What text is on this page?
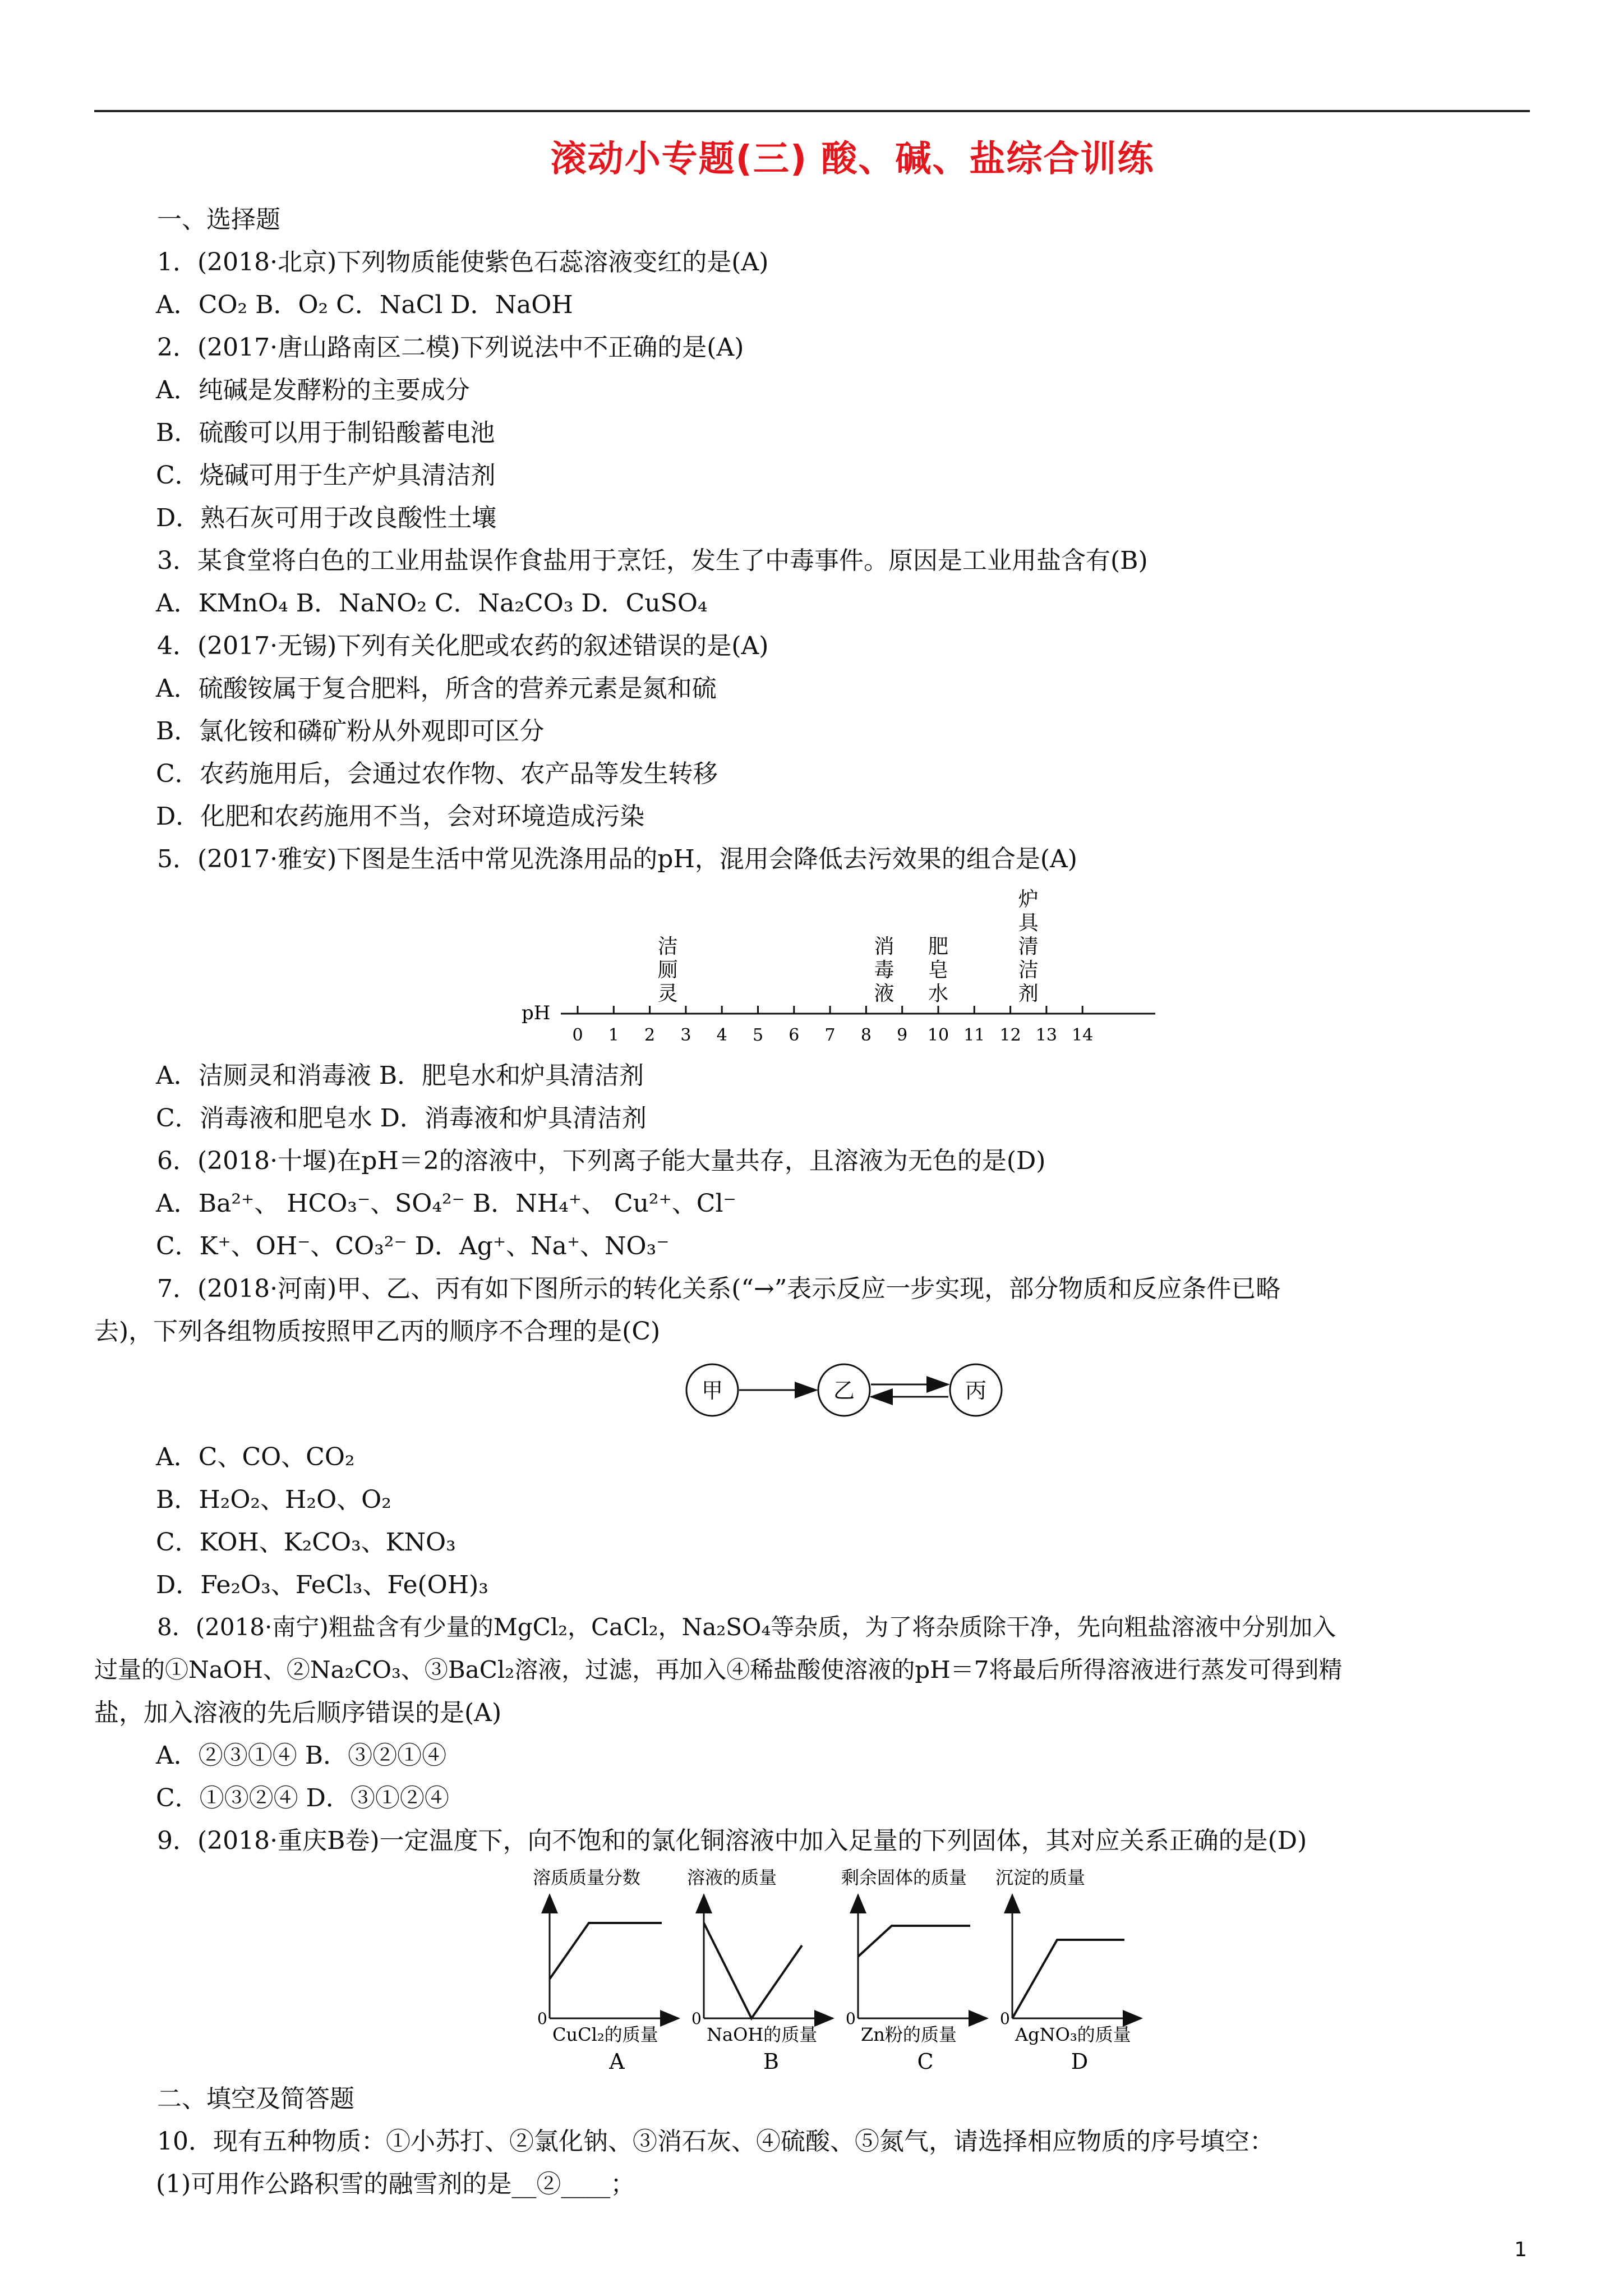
滚动小专题(三) 酸、碱、盐综合训练
一、选择题
1．(2018·北京)下列物质能使紫色石蕊溶液变红的是(A)
A．CO₂ B．O₂ C．NaCl D．NaOH
2．(2017·唐山路南区二模)下列说法中不正确的是(A)
A．纯碱是发酵粉的主要成分
B．硫酸可以用于制铅酸蓄电池
C．烧碱可用于生产炉具清洁剂
D．熟石灰可用于改良酸性土壤
3．某食堂将白色的工业用盐误作食盐用于烹饪，发生了中毒事件。原因是工业用盐含有(B)
A．KMnO₄ B．NaNO₂ C．Na₂CO₃ D．CuSO₄
4．(2017·无锡)下列有关化肥或农药的叙述错误的是(A)
A．硫酸铵属于复合肥料，所含的营养元素是氮和硫
B．氯化铵和磷矿粉从外观即可区分
C．农药施用后，会通过农作物、农产品等发生转移
D．化肥和农药施用不当，会对环境造成污染
5．(2017·雅安)下图是生活中常见洗涤用品的pH，混用会降低去污效果的组合是(A)
pH
0 1 2 3 4 5 6 7 8 9 10 11 12 13 14
洁
厕
灵
消
毒
液
肥
皂
水
炉
具
清
洁
剂
A．洁厕灵和消毒液 B．肥皂水和炉具清洁剂
C．消毒液和肥皂水 D．消毒液和炉具清洁剂
6．(2018·十堰)在pH＝2的溶液中，下列离子能大量共存，且溶液为无色的是(D)
A．Ba²⁺、 HCO₃⁻、SO₄²⁻ B．NH₄⁺、 Cu²⁺、Cl⁻
C．K⁺、OH⁻、CO₃²⁻ D．Ag⁺、Na⁺、NO₃⁻
7．(2018·河南)甲、乙、丙有如下图所示的转化关系(“→”表示反应一步实现，部分物质和反应条件已略
去)，下列各组物质按照甲乙丙的顺序不合理的是(C)
甲	乙	丙
A．C、CO、CO₂
B．H₂O₂、H₂O、O₂
C．KOH、K₂CO₃、KNO₃
D．Fe₂O₃、FeCl₃、Fe(OH)₃
8．(2018·南宁)粗盐含有少量的MgCl₂，CaCl₂，Na₂SO₄等杂质，为了将杂质除干净，先向粗盐溶液中分别加入
过量的①NaOH、②Na₂CO₃、③BaCl₂溶液，过滤，再加入④稀盐酸使溶液的pH＝7将最后所得溶液进行蒸发可得到精
盐，加入溶液的先后顺序错误的是(A)
A．②③①④ B．③②①④
C．①③②④ D．③①②④
9．(2018·重庆B卷)一定温度下，向不饱和的氯化铜溶液中加入足量的下列固体，其对应关系正确的是(D)
溶质质量分数
0
CuCl₂的质量
A
溶液的质量
0
NaOH的质量
B
剩余固体的质量
0
Zn粉的质量
C
沉淀的质量
0
AgNO₃的质量
D
二、填空及简答题
10．现有五种物质：①小苏打、②氯化钠、③消石灰、④硫酸、⑤氮气，请选择相应物质的序号填空：
(1)可用作公路积雪的融雪剂的是__②____；
1
